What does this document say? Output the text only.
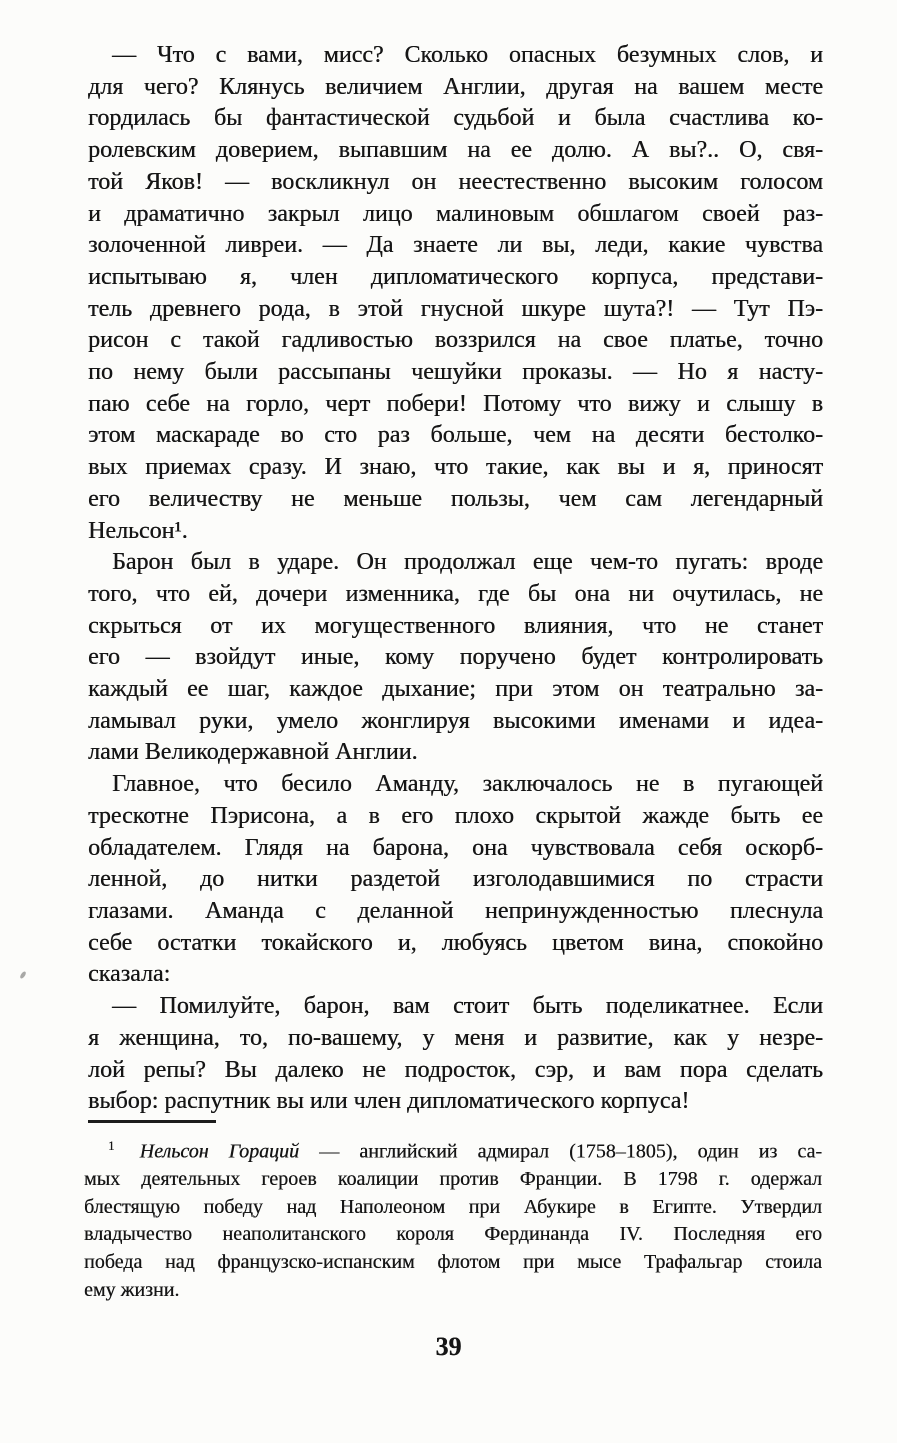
— Что с вами, мисс? Сколько опасных безумных слов, и
для чего? Клянусь величием Англии, другая на вашем месте
гордилась бы фантастической судьбой и была счастлива ко-
ролевским доверием, выпавшим на ее долю. А вы?.. О, свя-
той Яков! — воскликнул он неестественно высоким голосом
и драматично закрыл лицо малиновым обшлагом своей раз-
золоченной ливреи. — Да знаете ли вы, леди, какие чувства
испытываю я, член дипломатического корпуса, представи-
тель древнего рода, в этой гнусной шкуре шута?! — Тут Пэ-
рисон с такой гадливостью воззрился на свое платье, точно
по нему были рассыпаны чешуйки проказы. — Но я насту-
паю себе на горло, черт побери! Потому что вижу и слышу в
этом маскараде во сто раз больше, чем на десяти бестолко-
вых приемах сразу. И знаю, что такие, как вы и я, приносят
его величеству не меньше пользы, чем сам легендарный
Нельсон¹.
Барон был в ударе. Он продолжал еще чем-то пугать: вроде
того, что ей, дочери изменника, где бы она ни очутилась, не
скрыться от их могущественного влияния, что не станет
его — взойдут иные, кому поручено будет контролировать
каждый ее шаг, каждое дыхание; при этом он театрально за-
ламывал руки, умело жонглируя высокими именами и идеа-
лами Великодержавной Англии.
Главное, что бесило Аманду, заключалось не в пугающей
трескотне Пэрисона, а в его плохо скрытой жажде быть ее
обладателем. Глядя на барона, она чувствовала себя оскорб-
ленной, до нитки раздетой изголодавшимися по страсти
глазами. Аманда с деланной непринужденностью плеснула
себе остатки токайского и, любуясь цветом вина, спокойно
сказала:
— Помилуйте, барон, вам стоит быть поделикатнее. Если
я женщина, то, по-вашему, у меня и развитие, как у незре-
лой репы? Вы далеко не подросток, сэр, и вам пора сделать
выбор: распутник вы или член дипломатического корпуса!
$^1$ Нельсон Гораций — английский адмирал (1758–1805), один из са-
мых деятельных героев коалиции против Франции. В 1798 г. одержал
блестящую победу над Наполеоном при Абукире в Египте. Утвердил
владычество неаполитанского короля Фердинанда IV. Последняя его
победа над французско-испанским флотом при мысе Трафальгар стоила
ему жизни.
39
